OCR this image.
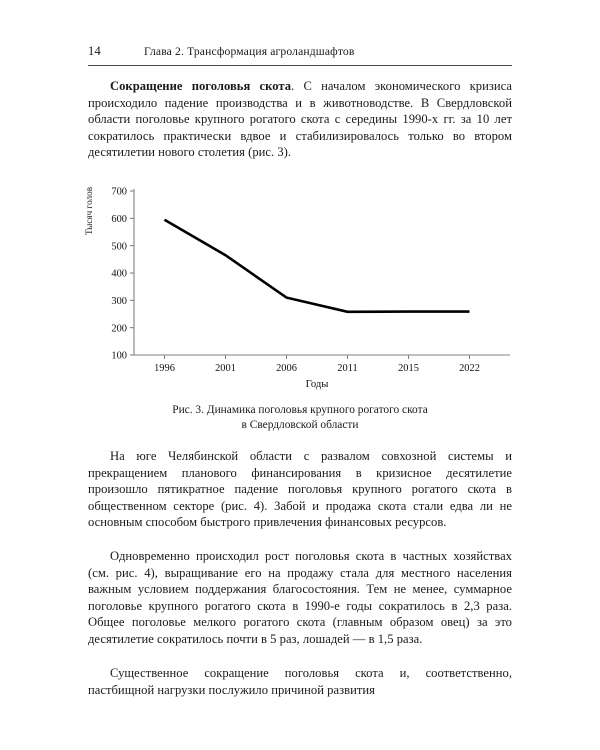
14	Глава 2. Трансформация агроландшафтов

Сокращение поголовья скота. С началом экономического кризиса происходило падение производства и в животноводстве. В Свердловской области поголовье крупного рогатого скота с середины 1990-х гг. за 10 лет сократилось практически вдвое и стабилизировалось только во втором десятилетии нового столетия (рис. 3).

Тысяч голов
100
200
300
400
500
600
700
1996	2001	2006	2011	2015	2022
Годы
Рис. 3. Динамика поголовья крупного рогатого скота
в Свердловской области

На юге Челябинской области с развалом совхозной системы и прекращением планового финансирования в кризисное десятилетие произошло пятикратное падение поголовья крупного рогатого скота в общественном секторе (рис. 4). Забой и продажа скота стали едва ли не основным способом быстрого привлечения финансовых ресурсов.

Одновременно происходил рост поголовья скота в частных хозяйствах (см. рис. 4), выращивание его на продажу стала для местного населения важным условием поддержания благосостояния. Тем не менее, суммарное поголовье крупного рогатого скота в 1990-е годы сократилось в 2,3 раза. Общее поголовье мелкого рогатого скота (главным образом овец) за это десятилетие сократилось почти в 5 раз, лошадей — в 1,5 раза.

Существенное сокращение поголовья скота и, соответственно, пастбищной нагрузки послужило причиной развития
